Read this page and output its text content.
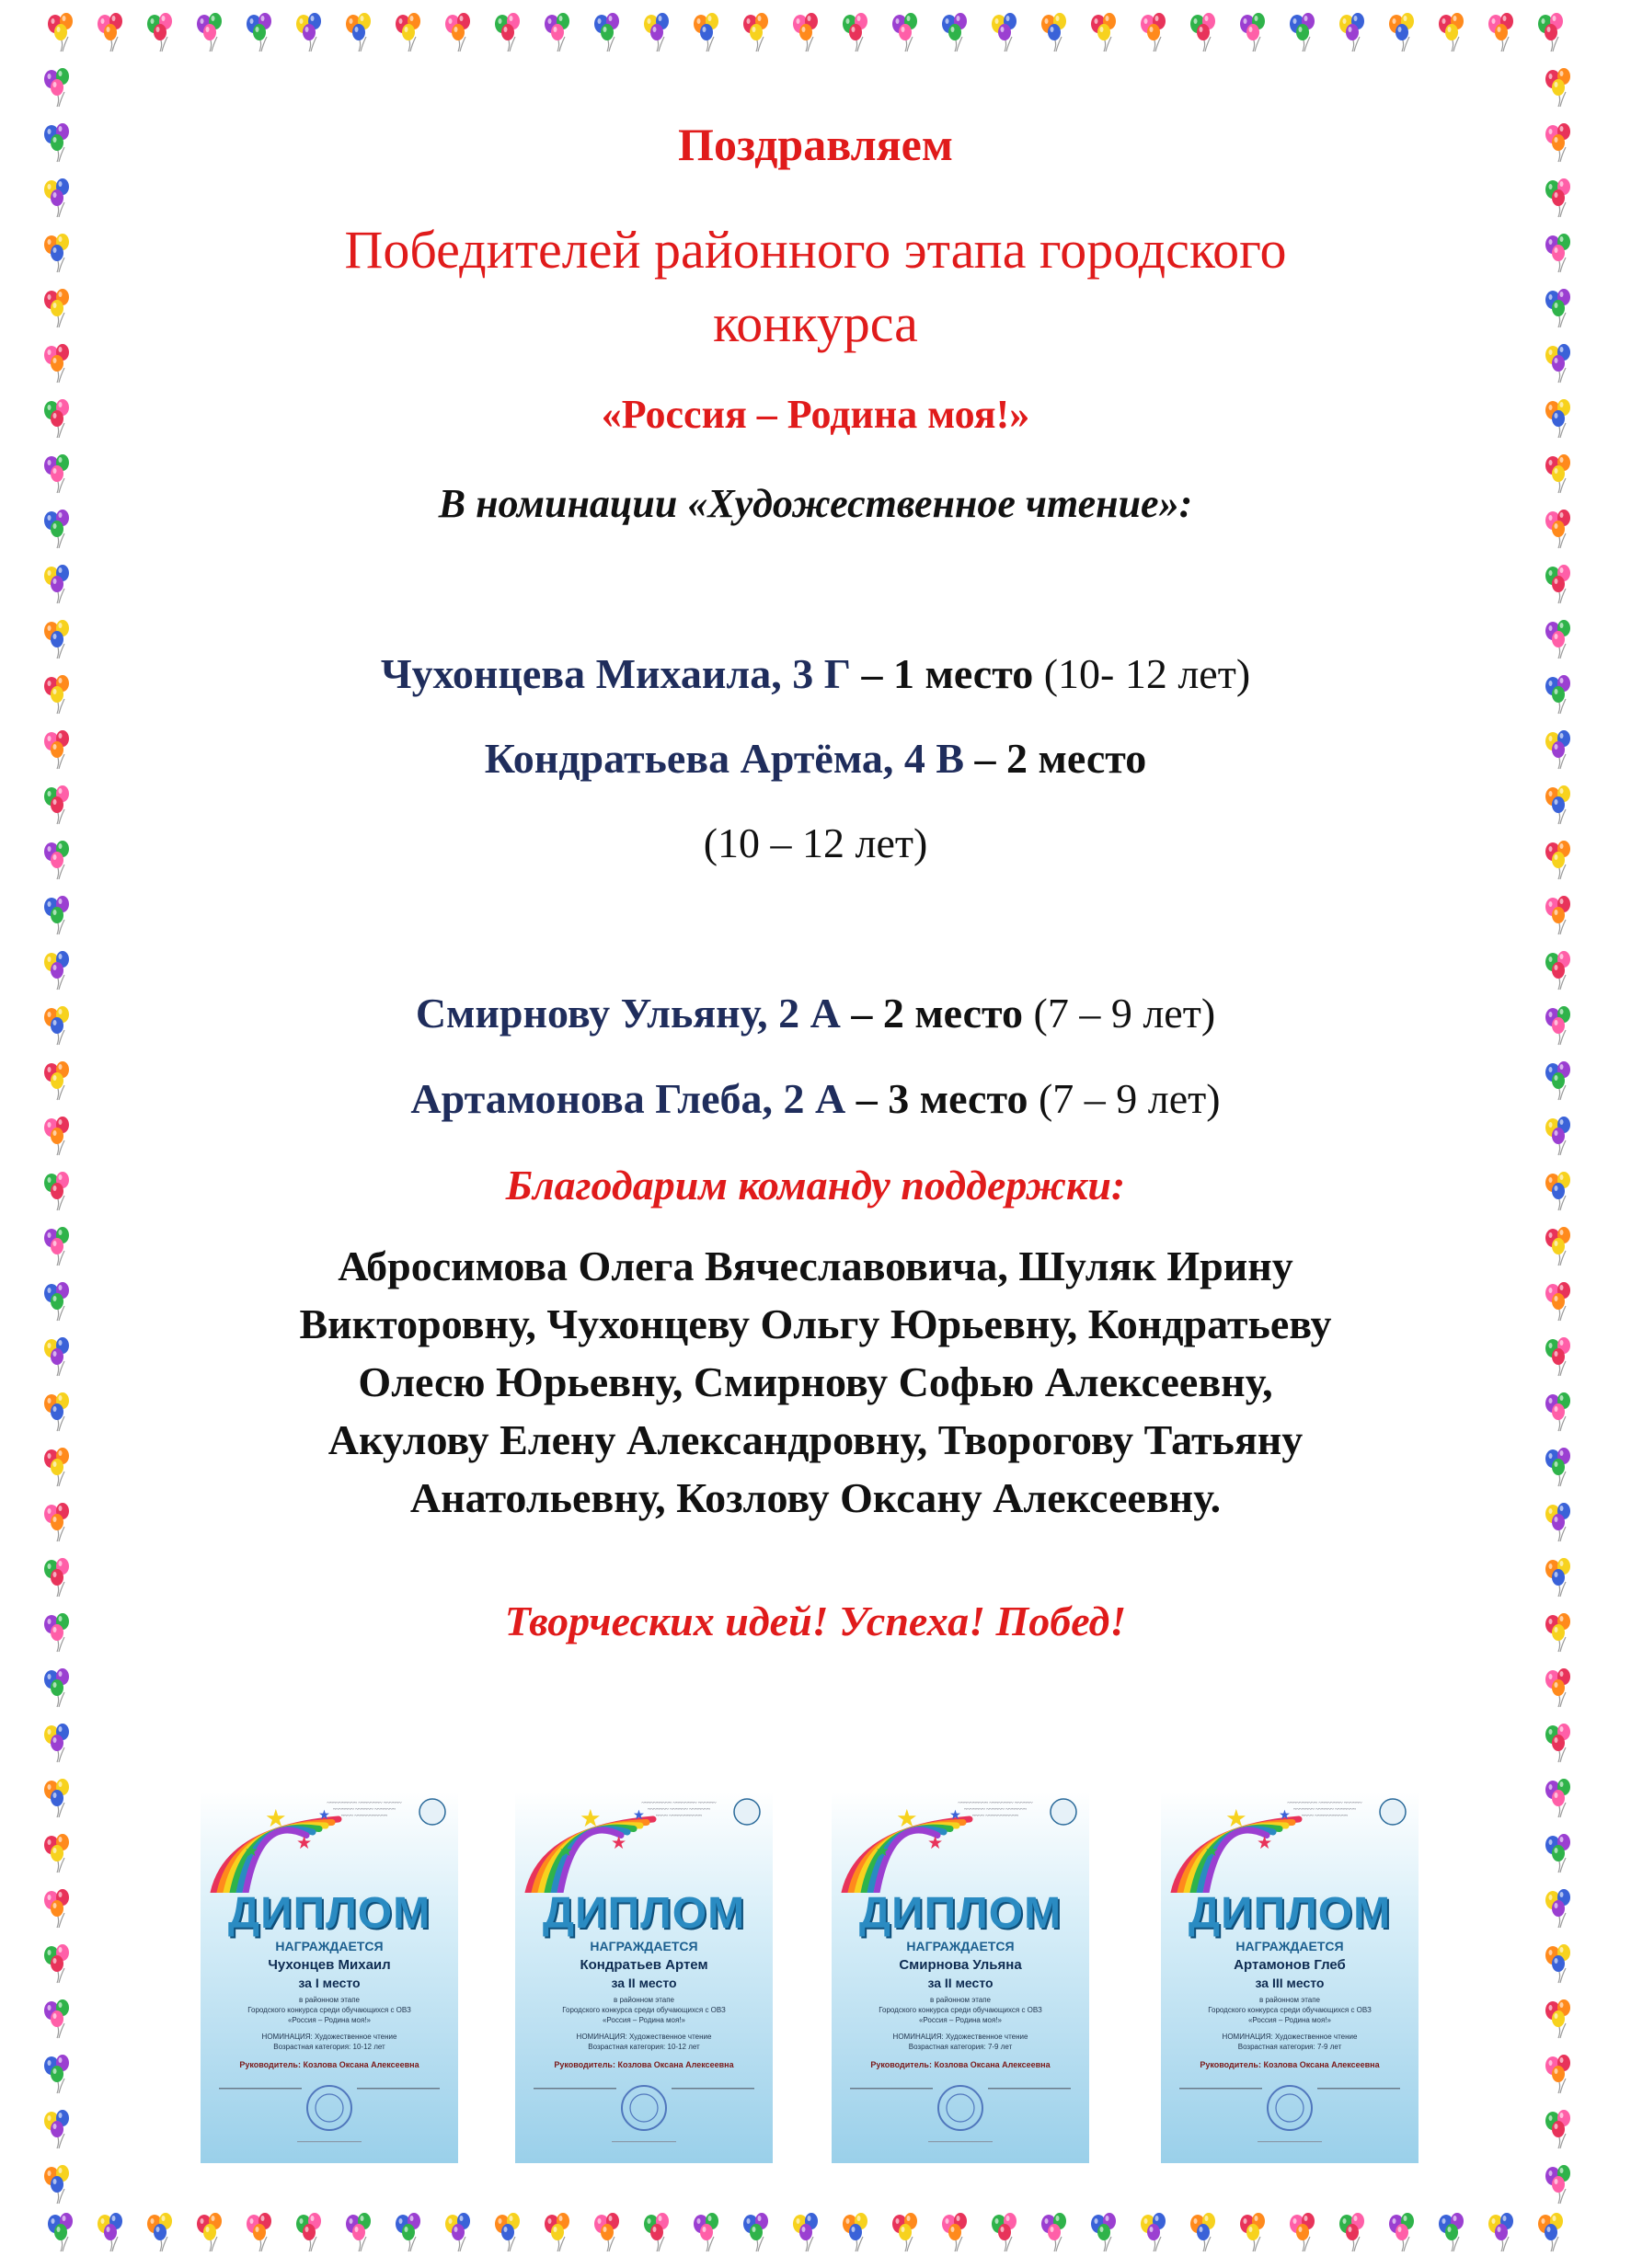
Поздравляем
Победителей районного этапа городского
конкурса
«Россия – Родина моя!»
В номинации «Художественное чтение»:
Чухонцева Михаила, 3 Г – 1 место (10- 12 лет)
Кондратьева Артёма, 4 В – 2 место
(10 – 12 лет)
Смирнову Ульяну, 2 А – 2 место (7 – 9 лет)
Артамонова Глеба, 2 А – 3 место (7 – 9 лет)
Благодарим команду поддержки:
Абросимова Олега Вячеславовича, Шуляк Ирину
Викторовну, Чухонцеву Ольгу Юрьевну, Кондратьеву
Олесю Юрьевну, Смирнову Софью Алексеевну,
Акулову Елену Александровну, Творогову Татьяну
Анатольевну, Козлову Оксану Алексеевну.
Творческих идей! Успеха! Побед!
★
★
★
★
~~~~~~~~~~ ~~~~~~~~ ~~~~~~
~~~~~~~ ~~~~~~ ~~~~~~~
~~~~ ~~~~~~~~~~~
ДИПЛОМ
НАГРАЖДАЕТСЯ
Чухонцев Михаил
за I место
в районном этапе
Городского конкурса среди обучающихся с ОВЗ
«Россия – Родина моя!»
НОМИНАЦИЯ: Художественное чтение
Возрастная категория: 10-12 лет
Руководитель: Козлова Оксана Алексеевна
★
★
★
★
~~~~~~~~~~ ~~~~~~~~ ~~~~~~
~~~~~~~ ~~~~~~ ~~~~~~~
~~~~ ~~~~~~~~~~~
ДИПЛОМ
НАГРАЖДАЕТСЯ
Кондратьев Артем
за II место
в районном этапе
Городского конкурса среди обучающихся с ОВЗ
«Россия – Родина моя!»
НОМИНАЦИЯ: Художественное чтение
Возрастная категория: 10-12 лет
Руководитель: Козлова Оксана Алексеевна
★
★
★
★
~~~~~~~~~~ ~~~~~~~~ ~~~~~~
~~~~~~~ ~~~~~~ ~~~~~~~
~~~~ ~~~~~~~~~~~
ДИПЛОМ
НАГРАЖДАЕТСЯ
Смирнова Ульяна
за II место
в районном этапе
Городского конкурса среди обучающихся с ОВЗ
«Россия – Родина моя!»
НОМИНАЦИЯ: Художественное чтение
Возрастная категория: 7-9 лет
Руководитель: Козлова Оксана Алексеевна
★
★
★
★
~~~~~~~~~~ ~~~~~~~~ ~~~~~~
~~~~~~~ ~~~~~~ ~~~~~~~
~~~~ ~~~~~~~~~~~
ДИПЛОМ
НАГРАЖДАЕТСЯ
Артамонов Глеб
за III место
в районном этапе
Городского конкурса среди обучающихся с ОВЗ
«Россия – Родина моя!»
НОМИНАЦИЯ: Художественное чтение
Возрастная категория: 7-9 лет
Руководитель: Козлова Оксана Алексеевна
